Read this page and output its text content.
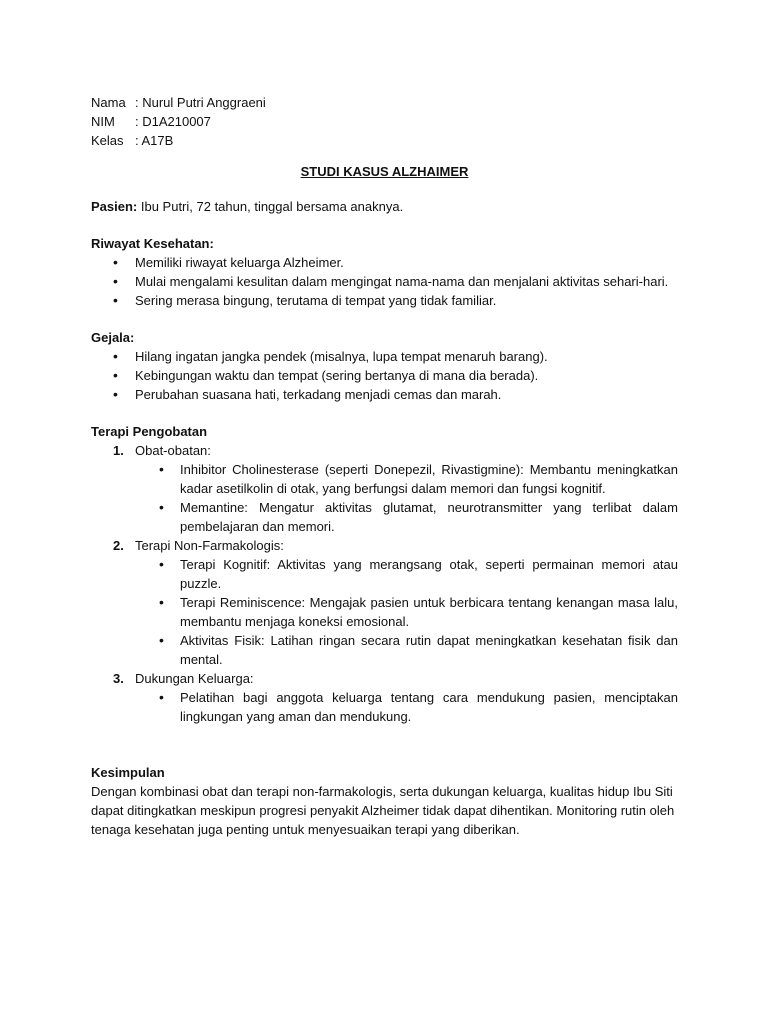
Nama : Nurul Putri Anggraeni
NIM	: D1A210007
Kelas : A17B
STUDI KASUS ALZHAIMER
Pasien: Ibu Putri, 72 tahun, tinggal bersama anaknya.
Riwayat Kesehatan:
• Memiliki riwayat keluarga Alzheimer.
• Mulai mengalami kesulitan dalam mengingat nama-nama dan menjalani aktivitas sehari-hari.
• Sering merasa bingung, terutama di tempat yang tidak familiar.
Gejala:
• Hilang ingatan jangka pendek (misalnya, lupa tempat menaruh barang).
• Kebingungan waktu dan tempat (sering bertanya di mana dia berada).
• Perubahan suasana hati, terkadang menjadi cemas dan marah.
Terapi Pengobatan
1. Obat-obatan:
• Inhibitor Cholinesterase (seperti Donepezil, Rivastigmine): Membantu meningkatkan kadar asetilkolin di otak, yang berfungsi dalam memori dan fungsi kognitif.
• Memantine: Mengatur aktivitas glutamat, neurotransmitter yang terlibat dalam pembelajaran dan memori.
2. Terapi Non-Farmakologis:
• Terapi Kognitif: Aktivitas yang merangsang otak, seperti permainan memori atau puzzle.
• Terapi Reminiscence: Mengajak pasien untuk berbicara tentang kenangan masa lalu, membantu menjaga koneksi emosional.
• Aktivitas Fisik: Latihan ringan secara rutin dapat meningkatkan kesehatan fisik dan mental.
3. Dukungan Keluarga:
• Pelatihan bagi anggota keluarga tentang cara mendukung pasien, menciptakan lingkungan yang aman dan mendukung.
Kesimpulan
Dengan kombinasi obat dan terapi non-farmakologis, serta dukungan keluarga, kualitas hidup Ibu Siti dapat ditingkatkan meskipun progresi penyakit Alzheimer tidak dapat dihentikan. Monitoring rutin oleh tenaga kesehatan juga penting untuk menyesuaikan terapi yang diberikan.
